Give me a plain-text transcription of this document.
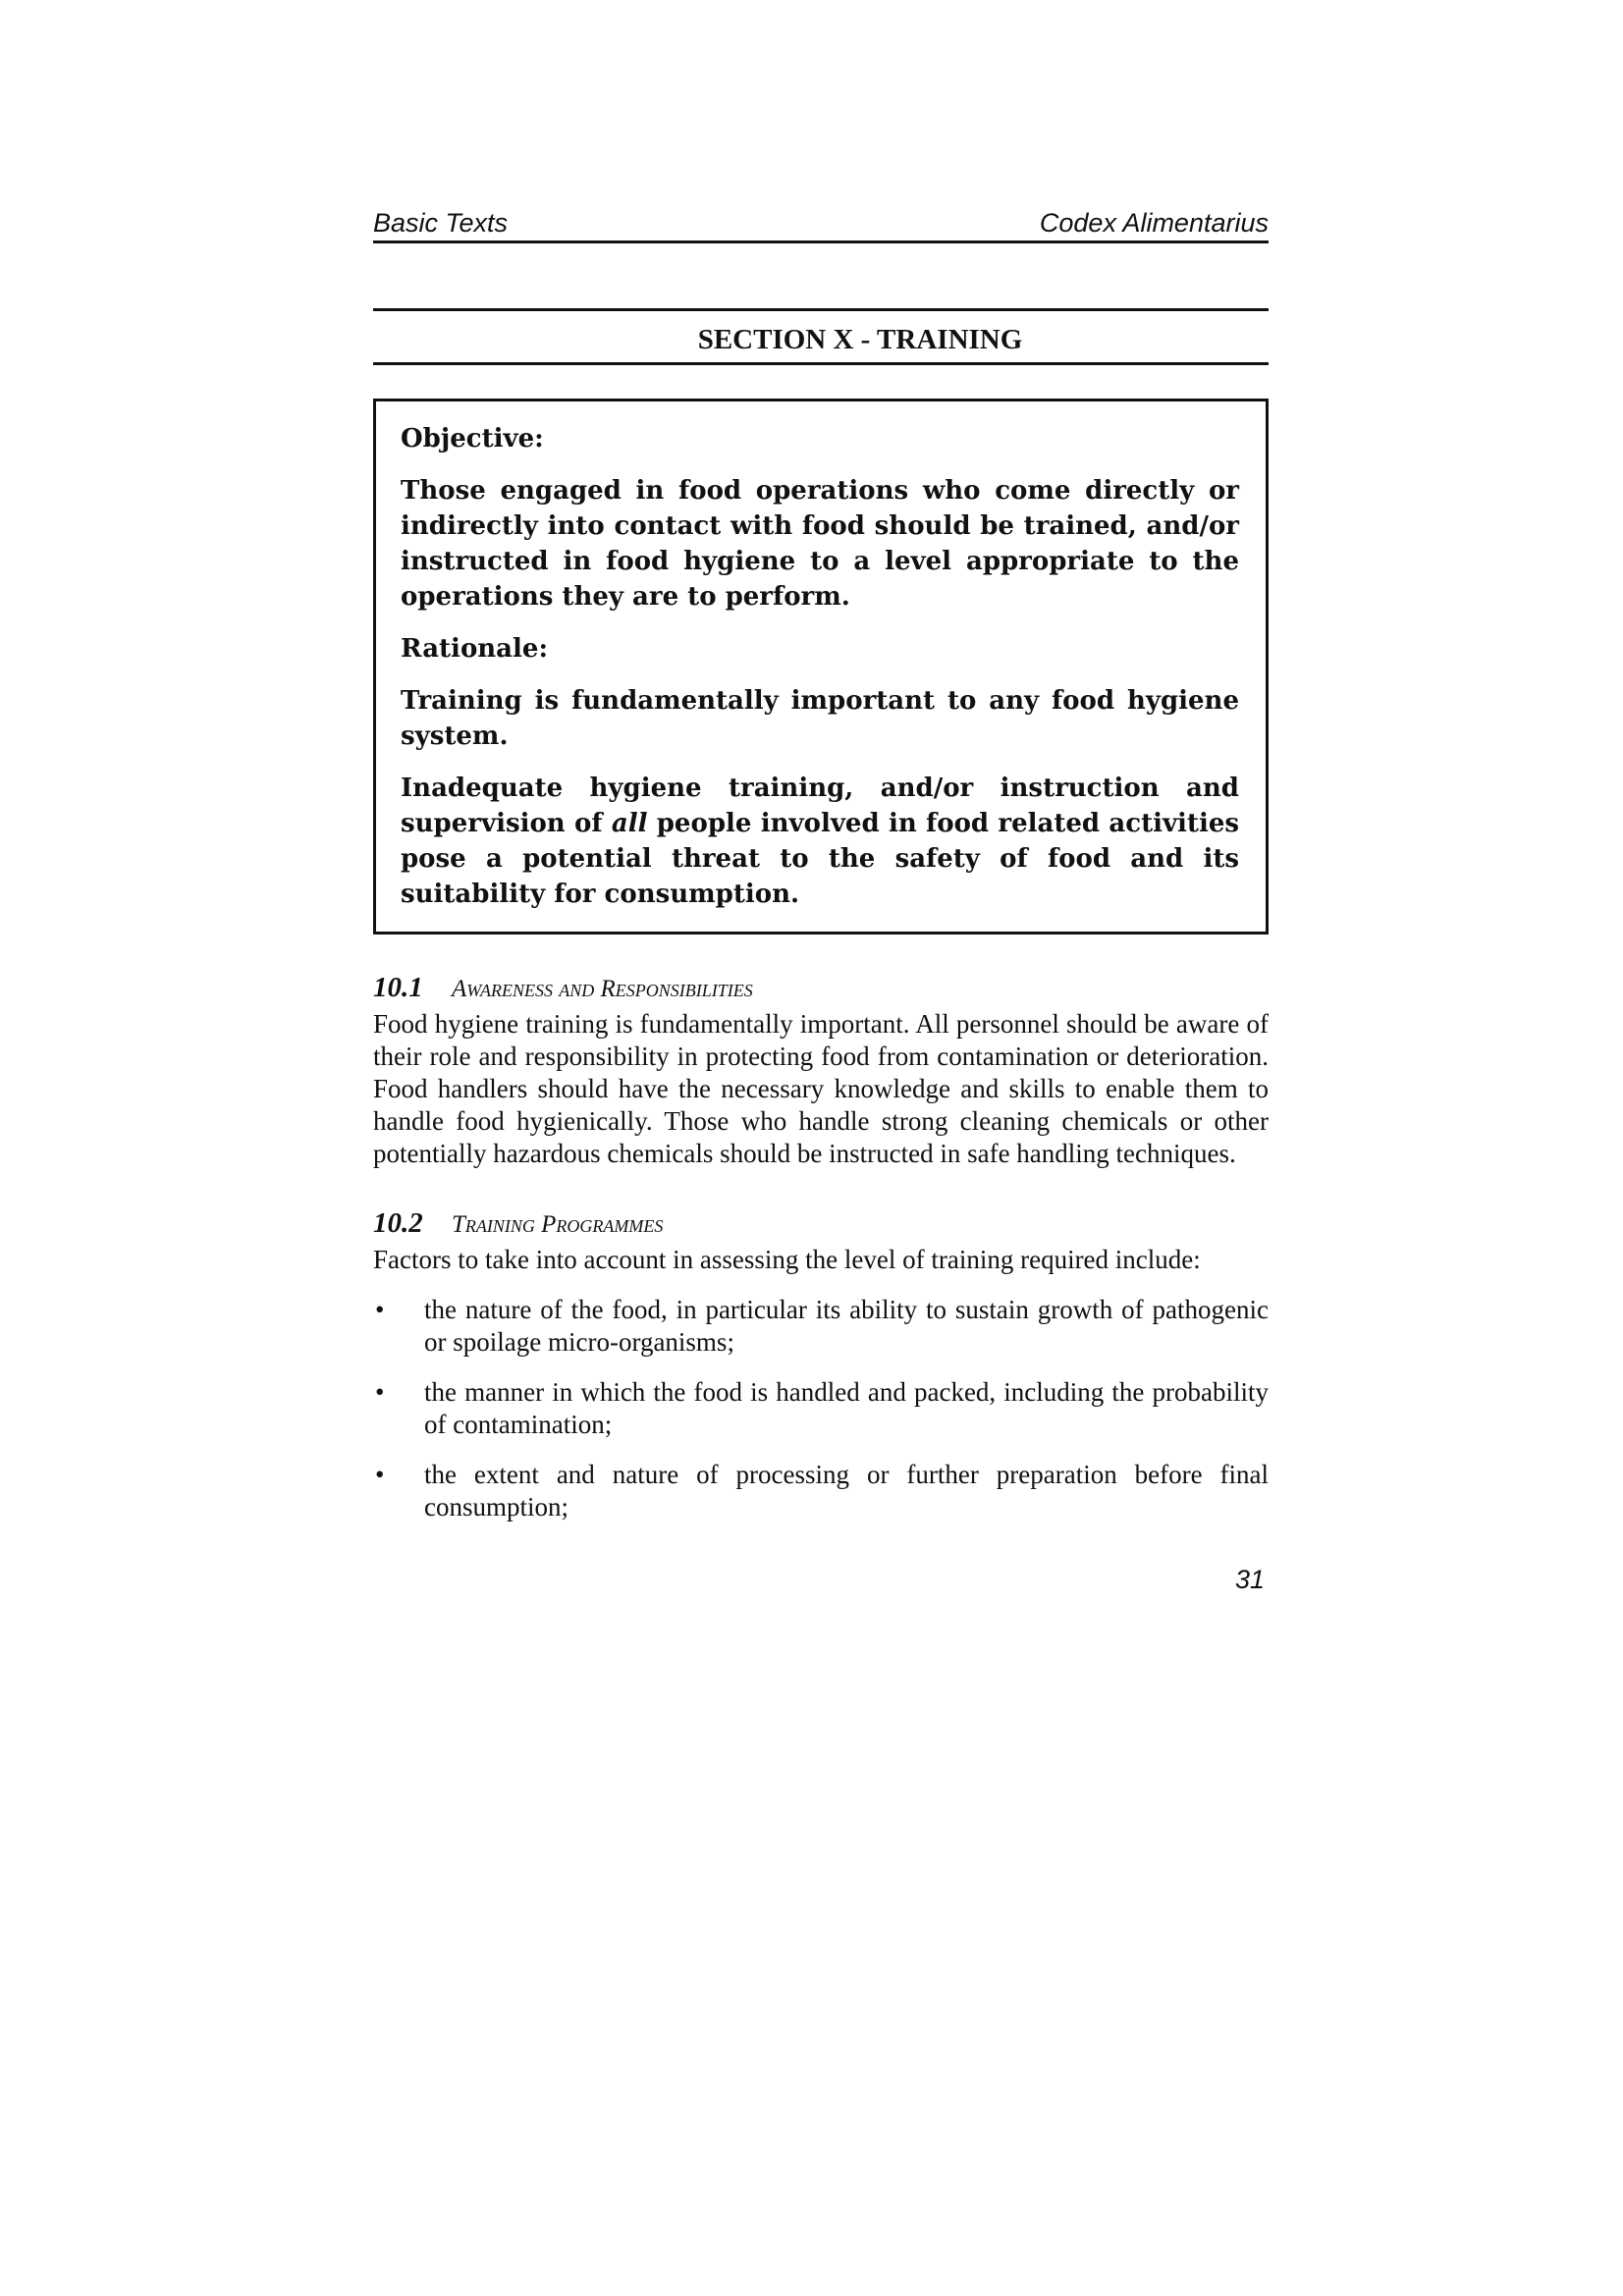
Basic Texts	Codex Alimentarius
SECTION X - TRAINING

Objective:

Those engaged in food operations who come directly or indirectly into contact with food should be trained, and/or instructed in food hygiene to a level appropriate to the operations they are to perform.

Rationale:

Training is fundamentally important to any food hygiene system.

Inadequate hygiene training, and/or instruction and supervision of all people involved in food related activities pose a potential threat to the safety of food and its suitability for consumption.

10.1 Awareness and Responsibilities

Food hygiene training is fundamentally important. All personnel should be aware of their role and responsibility in protecting food from contamination or deterioration. Food handlers should have the necessary knowledge and skills to enable them to handle food hygienically. Those who handle strong cleaning chemicals or other potentially hazardous chemicals should be instructed in safe handling techniques.

10.2 Training Programmes

Factors to take into account in assessing the level of training required include:

•	the nature of the food, in particular its ability to sustain growth of pathogenic or spoilage micro-organisms;
•	the manner in which the food is handled and packed, including the probability of contamination;
•	the extent and nature of processing or further preparation before final consumption;
31
